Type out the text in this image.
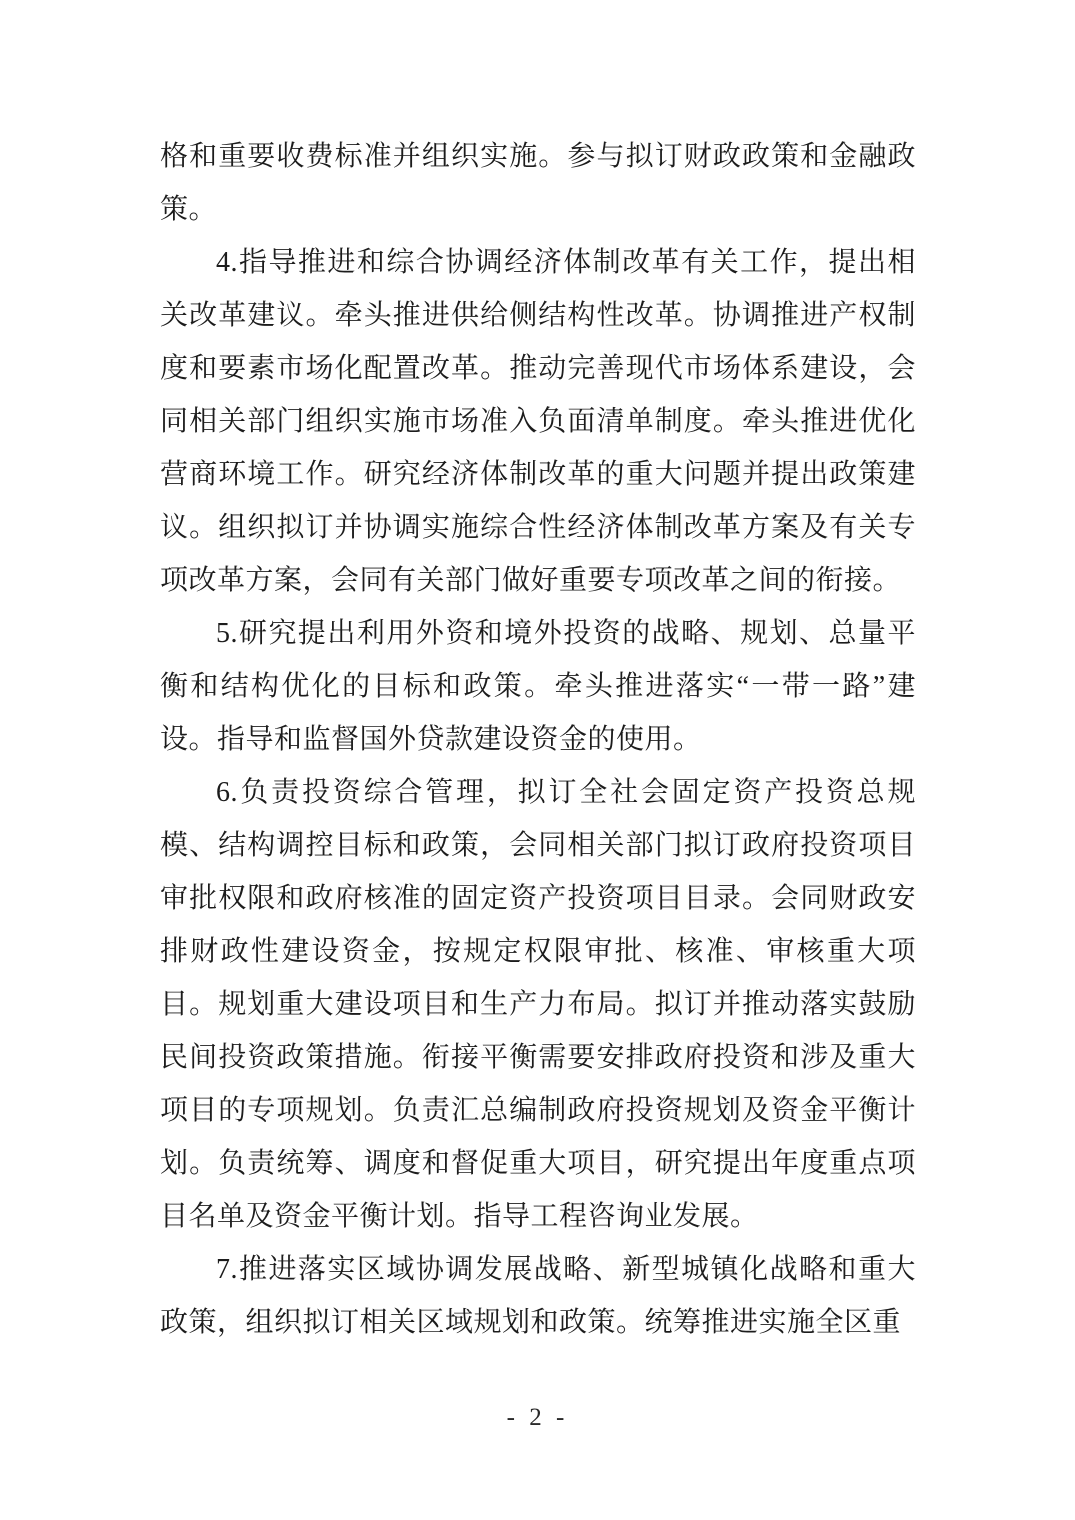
格和重要收费标准并组织实施。参与拟订财政政策和金融政策。

4.指导推进和综合协调经济体制改革有关工作，提出相关改革建议。牵头推进供给侧结构性改革。协调推进产权制度和要素市场化配置改革。推动完善现代市场体系建设，会同相关部门组织实施市场准入负面清单制度。牵头推进优化营商环境工作。研究经济体制改革的重大问题并提出政策建议。组织拟订并协调实施综合性经济体制改革方案及有关专项改革方案，会同有关部门做好重要专项改革之间的衔接。

5.研究提出利用外资和境外投资的战略、规划、总量平衡和结构优化的目标和政策。牵头推进落实“一带一路”建设。指导和监督国外贷款建设资金的使用。

6.负责投资综合管理，拟订全社会固定资产投资总规模、结构调控目标和政策，会同相关部门拟订政府投资项目审批权限和政府核准的固定资产投资项目目录。会同财政安排财政性建设资金，按规定权限审批、核准、审核重大项目。规划重大建设项目和生产力布局。拟订并推动落实鼓励民间投资政策措施。衔接平衡需要安排政府投资和涉及重大项目的专项规划。负责汇总编制政府投资规划及资金平衡计划。负责统筹、调度和督促重大项目，研究提出年度重点项目名单及资金平衡计划。指导工程咨询业发展。

7.推进落实区域协调发展战略、新型城镇化战略和重大政策，组织拟订相关区域规划和政策。统筹推进实施全区重

- 2 -
